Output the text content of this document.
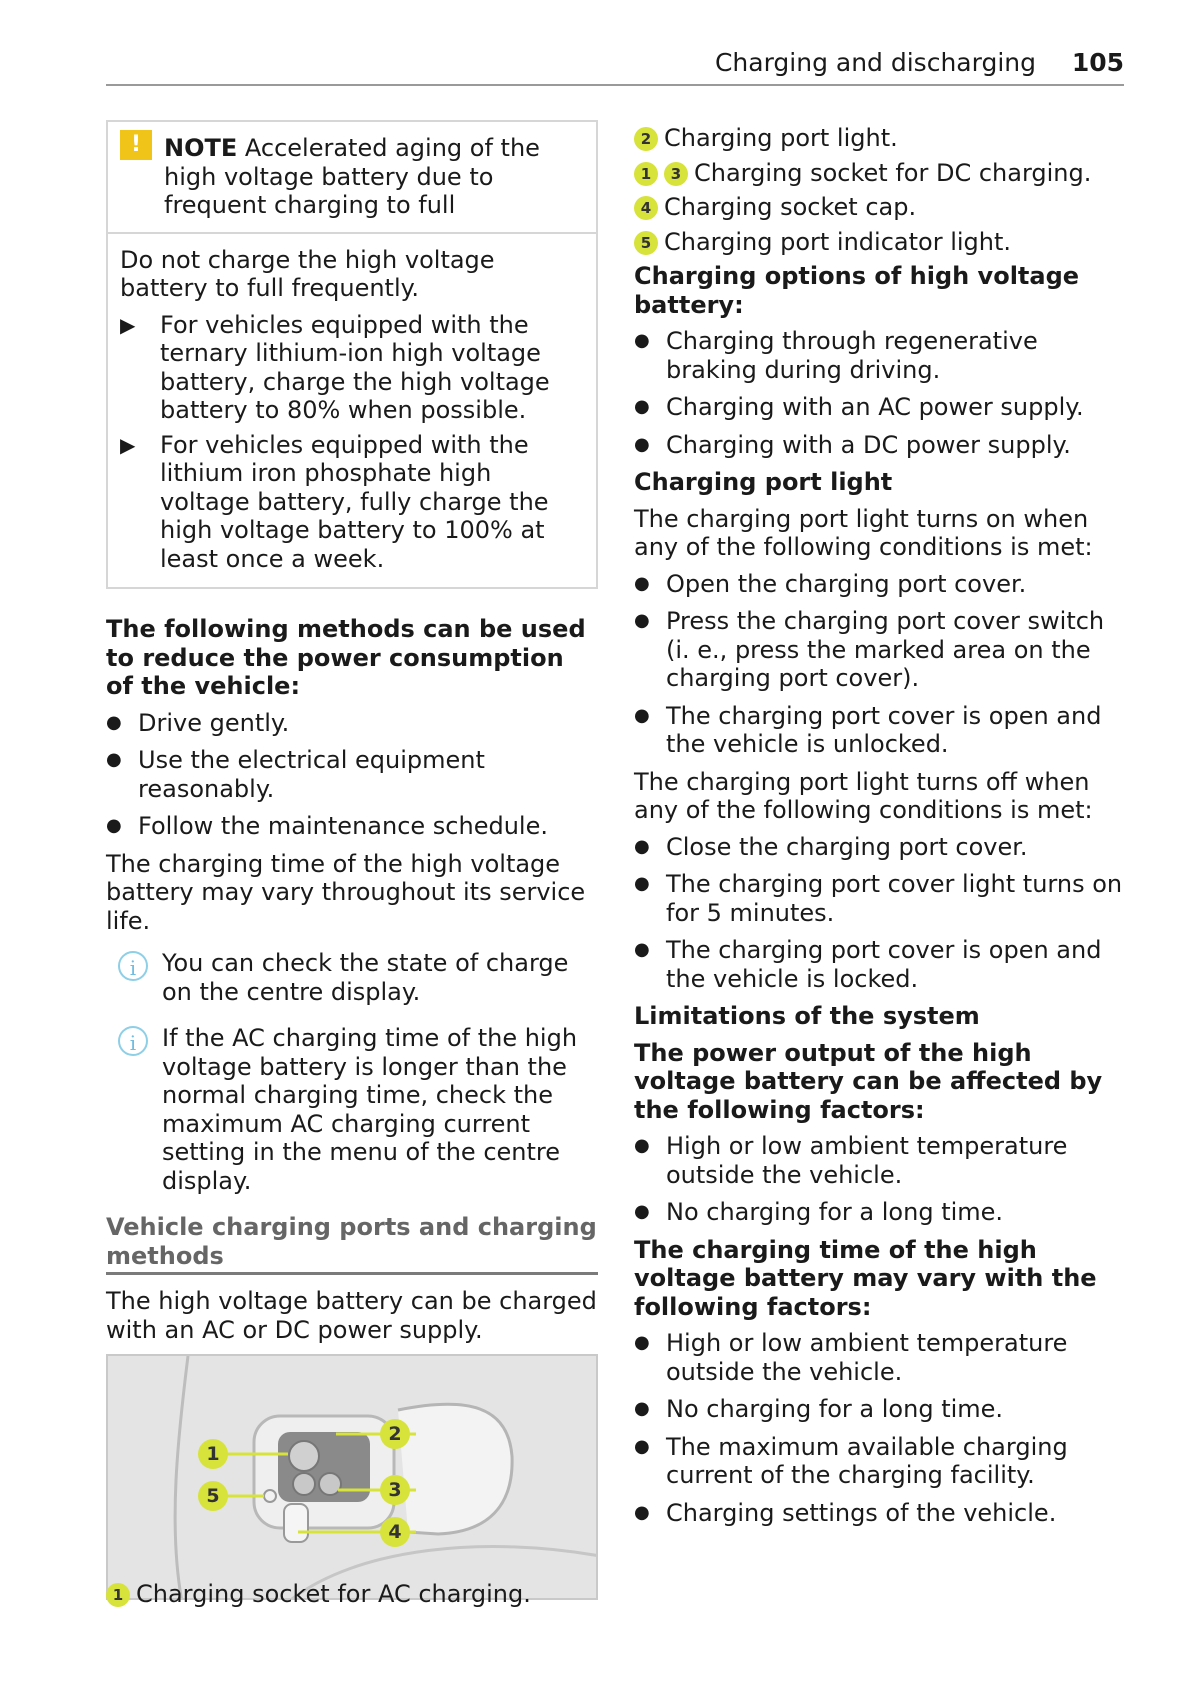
Charging and discharging 105
! NOTE Accelerated aging of the high voltage battery due to frequent charging to full

Do not charge the high voltage battery to full frequently.

▶ For vehicles equipped with the ternary lithium-ion high voltage battery, charge the high voltage battery to 80% when possible.
▶ For vehicles equipped with the lithium iron phosphate high voltage battery, fully charge the high voltage battery to 100% at least once a week.
The following methods can be used to reduce the power consumption of the vehicle:
● Drive gently.
● Use the electrical equipment reasonably.
● Follow the maintenance schedule.

The charging time of the high voltage battery may vary throughout its service life.

i	You can check the state of charge on the centre display.
i	If the AC charging time of the high voltage battery is longer than the normal charging time, check the maximum AC charging current setting in the menu of the centre display.
Vehicle charging ports and charging methods

The high voltage battery can be charged with an AC or DC power supply.

1
2
3
4
5
1 Charging socket for AC charging.
2 Charging port light.
1 3 Charging socket for DC charging.
4 Charging socket cap.
5 Charging port indicator light.
Charging options of high voltage battery:
● Charging through regenerative braking during driving.
● Charging with an AC power supply.
● Charging with a DC power supply.
Charging port light

The charging port light turns on when any of the following conditions is met:

● Open the charging port cover.
● Press the charging port cover switch (i. e., press the marked area on the charging port cover).
● The charging port cover is open and the vehicle is unlocked.

The charging port light turns off when any of the following conditions is met:

● Close the charging port cover.
● The charging port cover light turns on for 5 minutes.
● The charging port cover is open and the vehicle is locked.
Limitations of the system
The power output of the high voltage battery can be affected by the following factors:
● High or low ambient temperature outside the vehicle.
● No charging for a long time.
The charging time of the high voltage battery may vary with the following factors:
● High or low ambient temperature outside the vehicle.
● No charging for a long time.
● The maximum available charging current of the charging facility.
● Charging settings of the vehicle.
